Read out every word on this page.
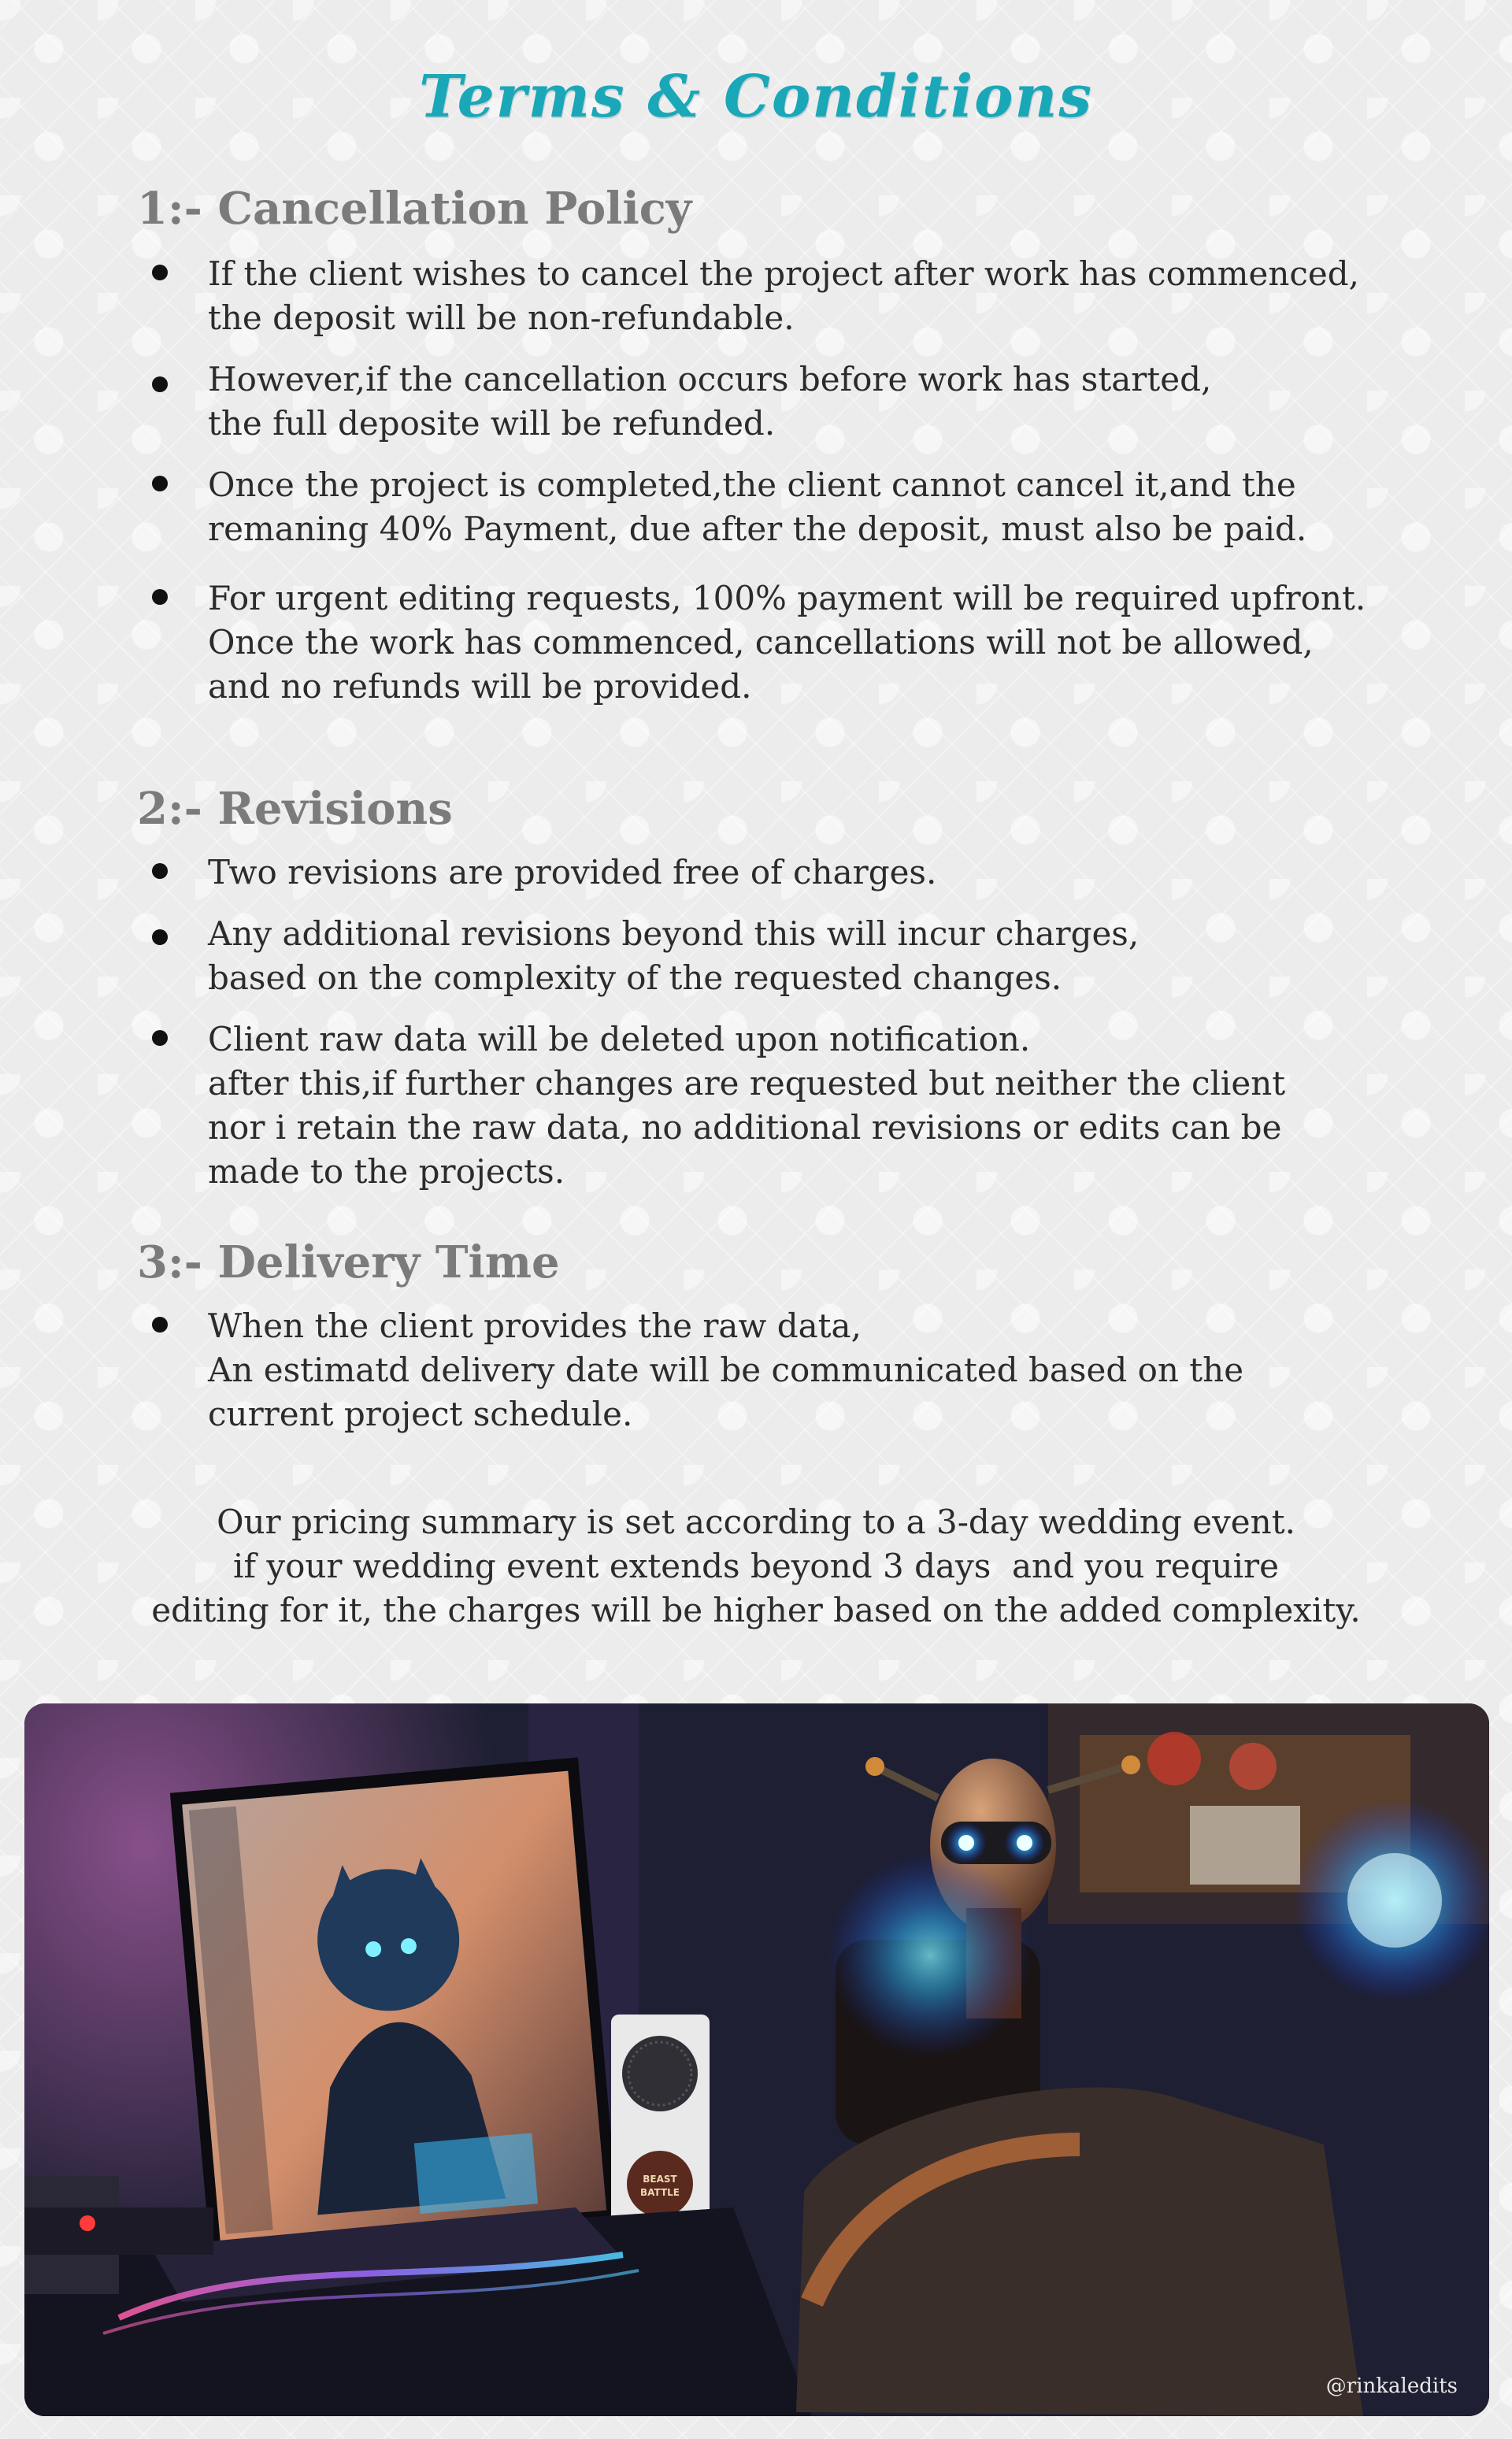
Terms & Conditions
1:- Cancellation Policy
If the client wishes to cancel the project after work has commenced,
the deposit will be non-refundable.
However,if the cancellation occurs before work has started,
the full deposite will be refunded.
Once the project is completed,the client cannot cancel it,and the
remaning 40% Payment, due after the deposit, must also be paid.
For urgent editing requests, 100% payment will be required upfront.
Once the work has commenced, cancellations will not be allowed,
and no refunds will be provided.
2:- Revisions
Two revisions are provided free of charges.
Any additional revisions beyond this will incur charges,
based on the complexity of the requested changes.
Client raw data will be deleted upon notification.
after this,if further changes are requested but neither the client
nor i retain the raw data, no additional revisions or edits can be
made to the projects.
3:- Delivery Time
When the client provides the raw data,
An estimatd delivery date will be communicated based on the
current project schedule.
Our pricing summary is set according to a 3-day wedding event.
if your wedding event extends beyond 3 days  and you require
editing for it, the charges will be higher based on the added complexity.
BEAST
BATTLE
@rinkaledits
